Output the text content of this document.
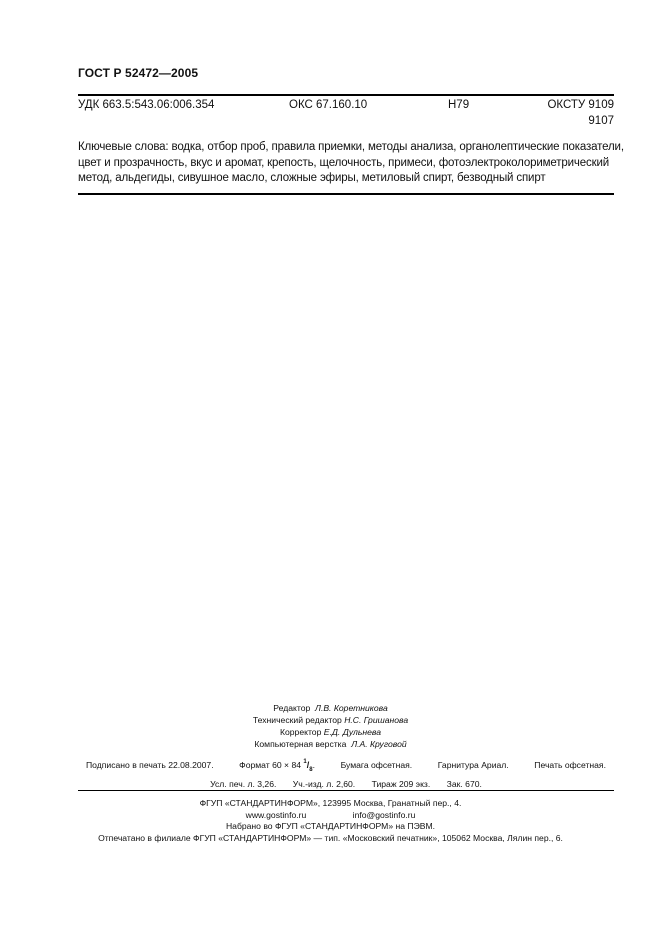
ГОСТ Р 52472—2005
УДК 663.5:543.06:006.354	ОКС 67.160.10	Н79	ОКСТУ 9109
9107
Ключевые слова: водка, отбор проб, правила приемки, методы анализа, органолептические показатели,
цвет и прозрачность, вкус и аромат, крепость, щелочность, примеси, фотоэлектроколориметрический
метод, альдегиды, сивушное масло, сложные эфиры, метиловый спирт, безводный спирт
Редактор Л.В. Коретникова
Технический редактор Н.С. Гришанова
Корректор Е.Д. Дульнева
Компьютерная верстка Л.А. Круговой
Подписано в печать 22.08.2007.	Формат 60 × 84 $^1/_8$.	Бумага офсетная.	Гарнитура Ариал.	Печать офсетная.
Усл. печ. л. 3,26. Уч.-изд. л. 2,60. Тираж 209 экз. Зак. 670.
ФГУП «СТАНДАРТИНФОРМ», 123995 Москва, Гранатный пер., 4.
www.gostinfo.ru	info@gostinfo.ru
Набрано во ФГУП «СТАНДАРТИНФОРМ» на ПЭВМ.
Отпечатано в филиале ФГУП «СТАНДАРТИНФОРМ» — тип. «Московский печатник», 105062 Москва, Лялин пер., 6.
